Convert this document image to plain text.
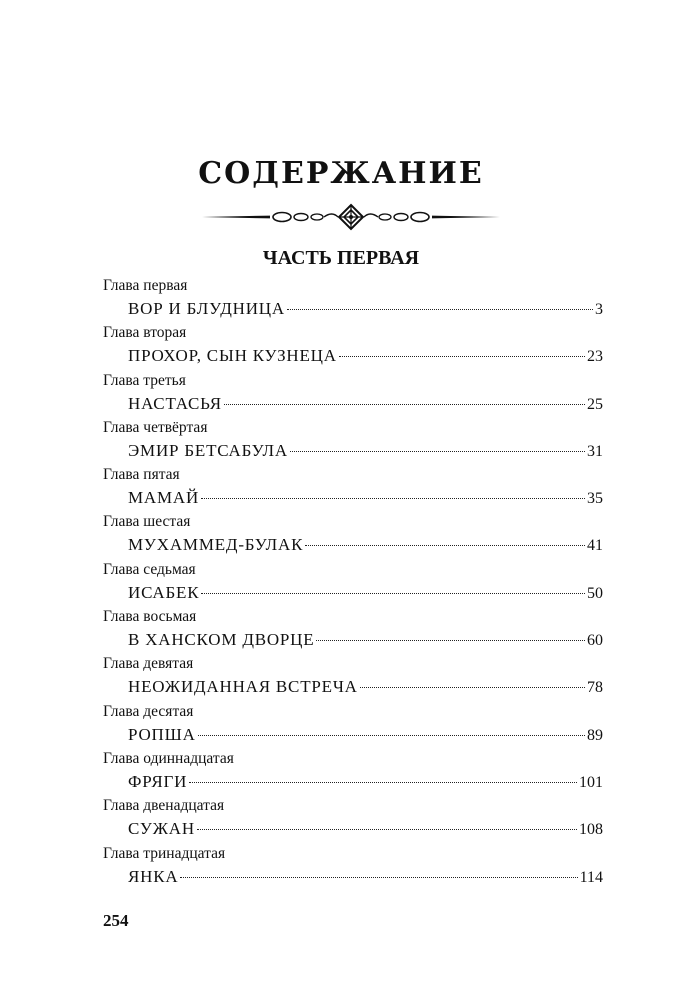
СОДЕРЖАНИЕ
ЧАСТЬ ПЕРВАЯ
Глава первая
ВОР И БЛУДНИЦА	3
Глава вторая
ПРОХОР, СЫН КУЗНЕЦА	23
Глава третья
НАСТАСЬЯ	25
Глава четвёртая
ЭМИР БЕТСАБУЛА	31
Глава пятая
МАМАЙ	35
Глава шестая
МУХАММЕД-БУЛАК	41
Глава седьмая
ИСАБЕК	50
Глава восьмая
В ХАНСКОМ ДВОРЦЕ	60
Глава девятая
НЕОЖИДАННАЯ ВСТРЕЧА	78
Глава десятая
РОПША	89
Глава одиннадцатая
ФРЯГИ	101
Глава двенадцатая
СУЖАН	108
Глава тринадцатая
ЯНКА	114
254
